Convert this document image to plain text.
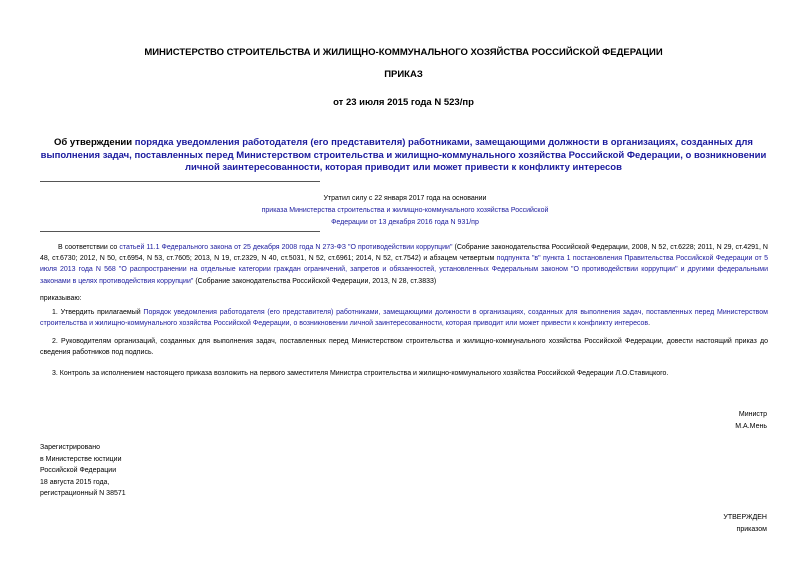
МИНИСТЕРСТВО СТРОИТЕЛЬСТВА И ЖИЛИЩНО-КОММУНАЛЬНОГО ХОЗЯЙСТВА РОССИЙСКОЙ ФЕДЕРАЦИИ
ПРИКАЗ
от 23 июля 2015 года N 523/пр
Об утверждении порядка уведомления работодателя (его представителя) работниками, замещающими должности в организациях, созданных для выполнения задач, поставленных перед Министерством строительства и жилищно-коммунального хозяйства Российской Федерации, о возникновении личной заинтересованности, которая приводит или может привести к конфликту интересов
Утратил силу с 22 января 2017 года на основании
приказа Министерства строительства и жилищно-коммунального хозяйства Российской Федерации от 13 декабря 2016 года N 931/пр
В соответствии со статьей 11.1 Федерального закона от 25 декабря 2008 года N 273-ФЗ "О противодействии коррупции" (Собрание законодательства Российской Федерации, 2008, N 52, ст.6228; 2011, N 29, ст.4291, N 48, ст.6730; 2012, N 50, ст.6954, N 53, ст.7605; 2013, N 19, ст.2329, N 40, ст.5031, N 52, ст.6961; 2014, N 52, ст.7542) и абзацем четвертым подпункта "в" пункта 1 постановления Правительства Российской Федерации от 5 июля 2013 года N 568 "О распространении на отдельные категории граждан ограничений, запретов и обязанностей, установленных Федеральным законом "О противодействии коррупции" и другими федеральными законами в целях противодействия коррупции" (Собрание законодательства Российской Федерации, 2013, N 28, ст.3833)
приказываю:
1. Утвердить прилагаемый Порядок уведомления работодателя (его представителя) работниками, замещающими должности в организациях, созданных для выполнения задач, поставленных перед Министерством строительства и жилищно-коммунального хозяйства Российской Федерации, о возникновении личной заинтересованности, которая приводит или может привести к конфликту интересов.
2. Руководителям организаций, созданных для выполнения задач, поставленных перед Министерством строительства и жилищно-коммунального хозяйства Российской Федерации, довести настоящий приказ до сведения работников под подпись.
3. Контроль за исполнением настоящего приказа возложить на первого заместителя Министра строительства и жилищно-коммунального хозяйства Российской Федерации Л.О.Ставицкого.
Министр
М.А.Мень
Зарегистрировано
в Министерстве юстиции
Российской Федерации
18 августа 2015 года,
регистрационный N 38571
УТВЕРЖДЕН
приказом
